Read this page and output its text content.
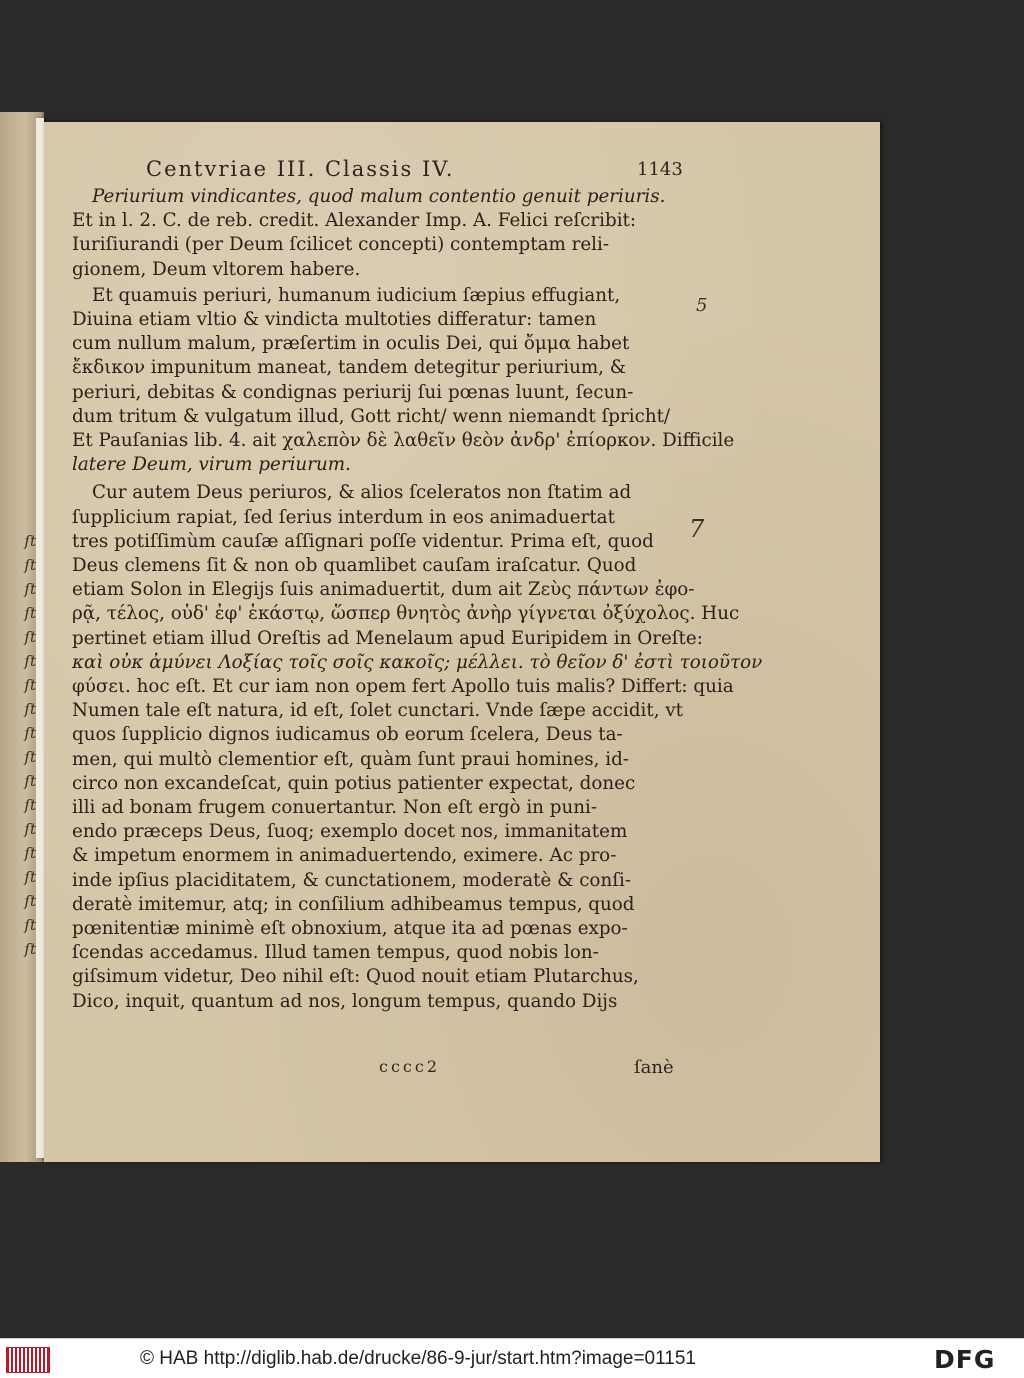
ſt
ſt
ſt
ſt
ſt
ſt
ſt
ſt
ſt
ſt
ſt
ſt
ſt
ſt
ſt
ſt
ſt
ſt
Centvriae III. Classis IV.	1143
Periurium vindicantes, quod malum contentio genuit periuris.
Et in l. 2. C. de reb. credit. Alexander Imp. A. Felici reſcribit:
Iuriſiurandi (per Deum ſcilicet concepti) contemptam reli-
gionem, Deum vltorem habere.
Et quamuis periuri, humanum iudicium ſæpius effugiant,
Diuina etiam vltio & vindicta multoties differatur: tamen
cum nullum malum, præſertim in oculis Dei, qui ὄμμα habet
ἔκδικον impunitum maneat, tandem detegitur periurium, &
periuri, debitas & condignas periurij ſui pœnas luunt, ſecun-
dum tritum & vulgatum illud, Gott richt/ wenn niemandt ſpricht/
Et Pauſanias lib. 4. ait χαλεπὸν δὲ λαθεῖν θεὸν ἀνδρ' ἐπίορκον. Difficile
latere Deum, virum periurum.
Cur autem Deus periuros, & alios ſceleratos non ſtatim ad
ſupplicium rapiat, ſed ſerius interdum in eos animaduertat
tres potiſſimùm cauſæ aſſignari poſſe videntur. Prima eſt, quod
Deus clemens ſit & non ob quamlibet cauſam iraſcatur. Quod
etiam Solon in Elegijs ſuis animaduertit, dum ait Ζεὺς πάντων ἐφο-
ρᾷ, τέλος, οὐδ' ἐφ' ἑκάστῳ, ὥσπερ θνητὸς ἀνὴρ γίγνεται ὀξύχολος. Huc
pertinet etiam illud Oreſtis ad Menelaum apud Euripidem in Oreſte:
καὶ οὐκ ἀμύνει Λοξίας τοῖς σοῖς κακοῖς; μέλλει. τὸ θεῖον δ' ἐστὶ τοιοῦτον
φύσει. hoc eſt. Et cur iam non opem fert Apollo tuis malis? Differt: quia
Numen tale eſt natura, id eſt, ſolet cunctari. Vnde ſæpe accidit, vt
quos ſupplicio dignos iudicamus ob eorum ſcelera, Deus ta-
men, qui multò clementior eſt, quàm ſunt praui homines, id-
circo non excandeſcat, quin potius patienter expectat, donec
illi ad bonam frugem conuertantur. Non eſt ergò in puni-
endo præceps Deus, ſuoq; exemplo docet nos, immanitatem
& impetum enormem in animaduertendo, eximere. Ac pro-
inde ipſius placiditatem, & cunctationem, moderatè & conſi-
deratè imitemur, atq; in conſilium adhibeamus tempus, quod
pœnitentiæ minimè eſt obnoxium, atque ita ad pœnas expo-
ſcendas accedamus. Illud tamen tempus, quod nobis lon-
giſsimum videtur, Deo nihil eſt: Quod nouit etiam Plutarchus,
Dico, inquit, quantum ad nos, longum tempus, quando Dijs
5
7
cccc2	ſanè
© HAB http://diglib.hab.de/drucke/86-9-jur/start.htm?image=01151	DFG
